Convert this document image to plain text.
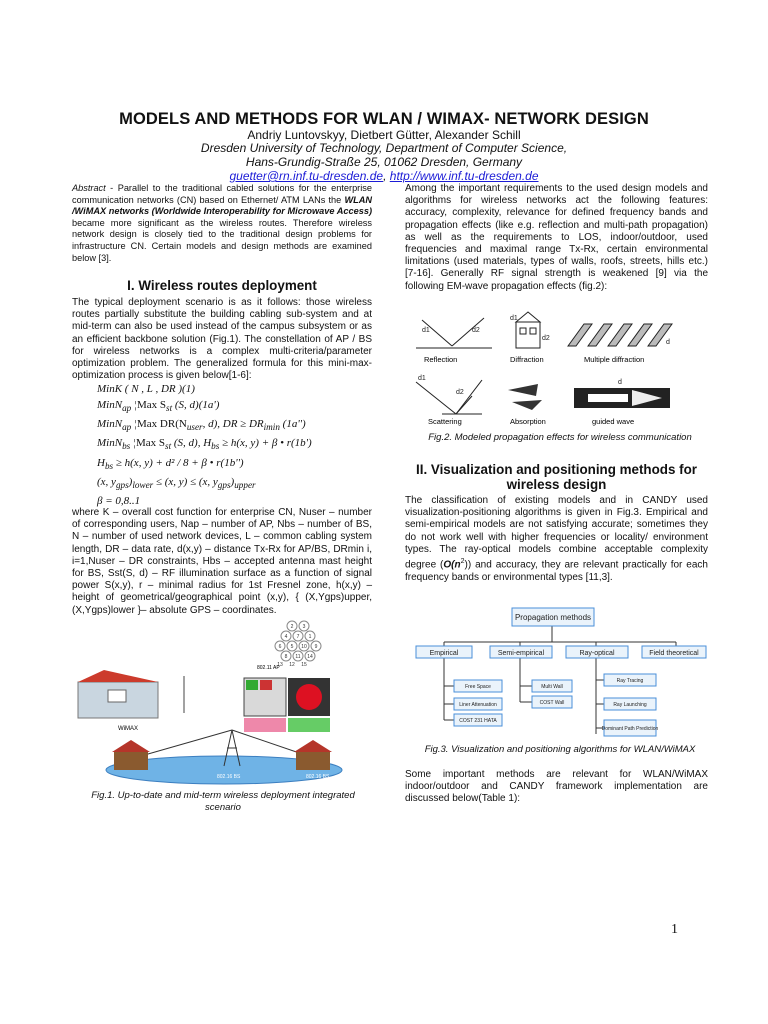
MODELS AND METHODS FOR WLAN / WIMAX- NETWORK DESIGN
Andriy Luntovskyy, Dietbert Gütter, Alexander Schill
Dresden University of Technology, Department of Computer Science,
Hans-Grundig-Straße 25, 01062 Dresden, Germany
guetter@rn.inf.tu-dresden.de, http://www.inf.tu-dresden.de
Abstract - Parallel to the traditional cabled solutions for the enterprise communication networks (CN) based on Ethernet/ ATM LANs the WLAN /WiMAX networks (Worldwide Interoperability for Microwave Access) became more significant as the wireless routes. Therefore wireless network design is closely tied to the traditional design problems for infrastructure CN. Certain models and design methods are examined below [3].
I. Wireless routes deployment
The typical deployment scenario is as it follows: those wireless routes partially substitute the building cabling sub-system and at mid-term can also be used instead of the campus subsystem or as an efficient backbone solution (Fig.1). The constellation of AP / BS for wireless networks is a complex multi-criteria/parameter optimization problem. The generalized formula for this mini-max-optimization process is given below[1-6]:
MinK ( N , L , DR )(1)
MinN$_{ap}$ ¦Max $S_{st}$ (S, d)(1a')
MinN$_{ap}$ ¦Max $DR(N_{user}$, d), DR ≥ $DR_{imin}$ (1a'')
MinN$_{bs}$ ¦Max $S_{st}$ (S, d), $H_{bs} \ge h(x$, y) + β • r(1b')
$H_{bs} \ge h(x$, y) + d² / 8 + β • r(1b'')
(x, $y_{gps})_{lower} \le (x$, y) ≤ (x, $y_{gps})_{upper}$
β = 0,8..1
where K – overall cost function for enterprise CN, Nuser – number of corresponding users, Nap – number of AP, Nbs – number of BS, N – number of used network devices, L – common cabling system length, DR – data rate, d(x,y) – distance Tx-Rx for AP/BS, DRmin i, i=1,Nuser – DR constraints, Hbs – accepted antenna mast height for BS, Sst(S, d) – RF illumination surface as a function of signal power S(x,y), r – minimal radius for 1st Fresnel zone, h(x,y) – height of geometrical/geographical point (x,y), { (X,Ygps)upper, (X,Ygps)lower }– absolute GPS – coordinates.
WiMAX
802.16 BS	802.16 BS
802.11 AP
2 3
4 7 1
6 5 10 9
8 11 14
13 12 15
Fig.1. Up-to-date and mid-term wireless deployment integrated scenario
Among the important requirements to the used design models and algorithms for wireless networks act the following features: accuracy, complexity, relevance for defined frequency bands and propagation effects (like e.g. reflection and multi-path propagation) as well as the requirements to LOS, indoor/outdoor, used frequencies and maximal range Tx-Rx, certain environmental limitations (used materials, types of walls, roofs, streets, hills etc.) [7-16]. Generally RF signal strength is weakened [9] via the following EM-wave propagation effects (fig.2):
d1	d2
d1
d2
d
Reflection	Diffraction	Multiple diffraction
d1
d2
d
Scattering	Absorption	guided wave
Fig.2. Modeled propagation effects for wireless communication
II. Visualization and positioning methods for wireless design
The classification of existing models and in CANDY used visualization-positioning algorithms is given in Fig.3. Empirical and semi-empirical models are not satisfying accurate; sometimes they do not work well with higher frequencies or locality/ environment types. The ray-optical models combine acceptable complexity degree $(O(n^2))$ and accuracy, they are relevant practically for each frequency bands or environmental types [11,3].
Propagation methods
Empirical	Semi-empirical	Ray-optical	Field theoretical
Free Space
Liner Attenuation
COST 231 HATA
Multi Wall
COST Wall
Ray Tracing
Ray Launching
Dominant Path Prediction
Fig.3. Visualization and positioning algorithms for WLAN/WiMAX
Some important methods are relevant for WLAN/WiMAX indoor/outdoor and CANDY framework implementation are discussed below(Table 1):
1
